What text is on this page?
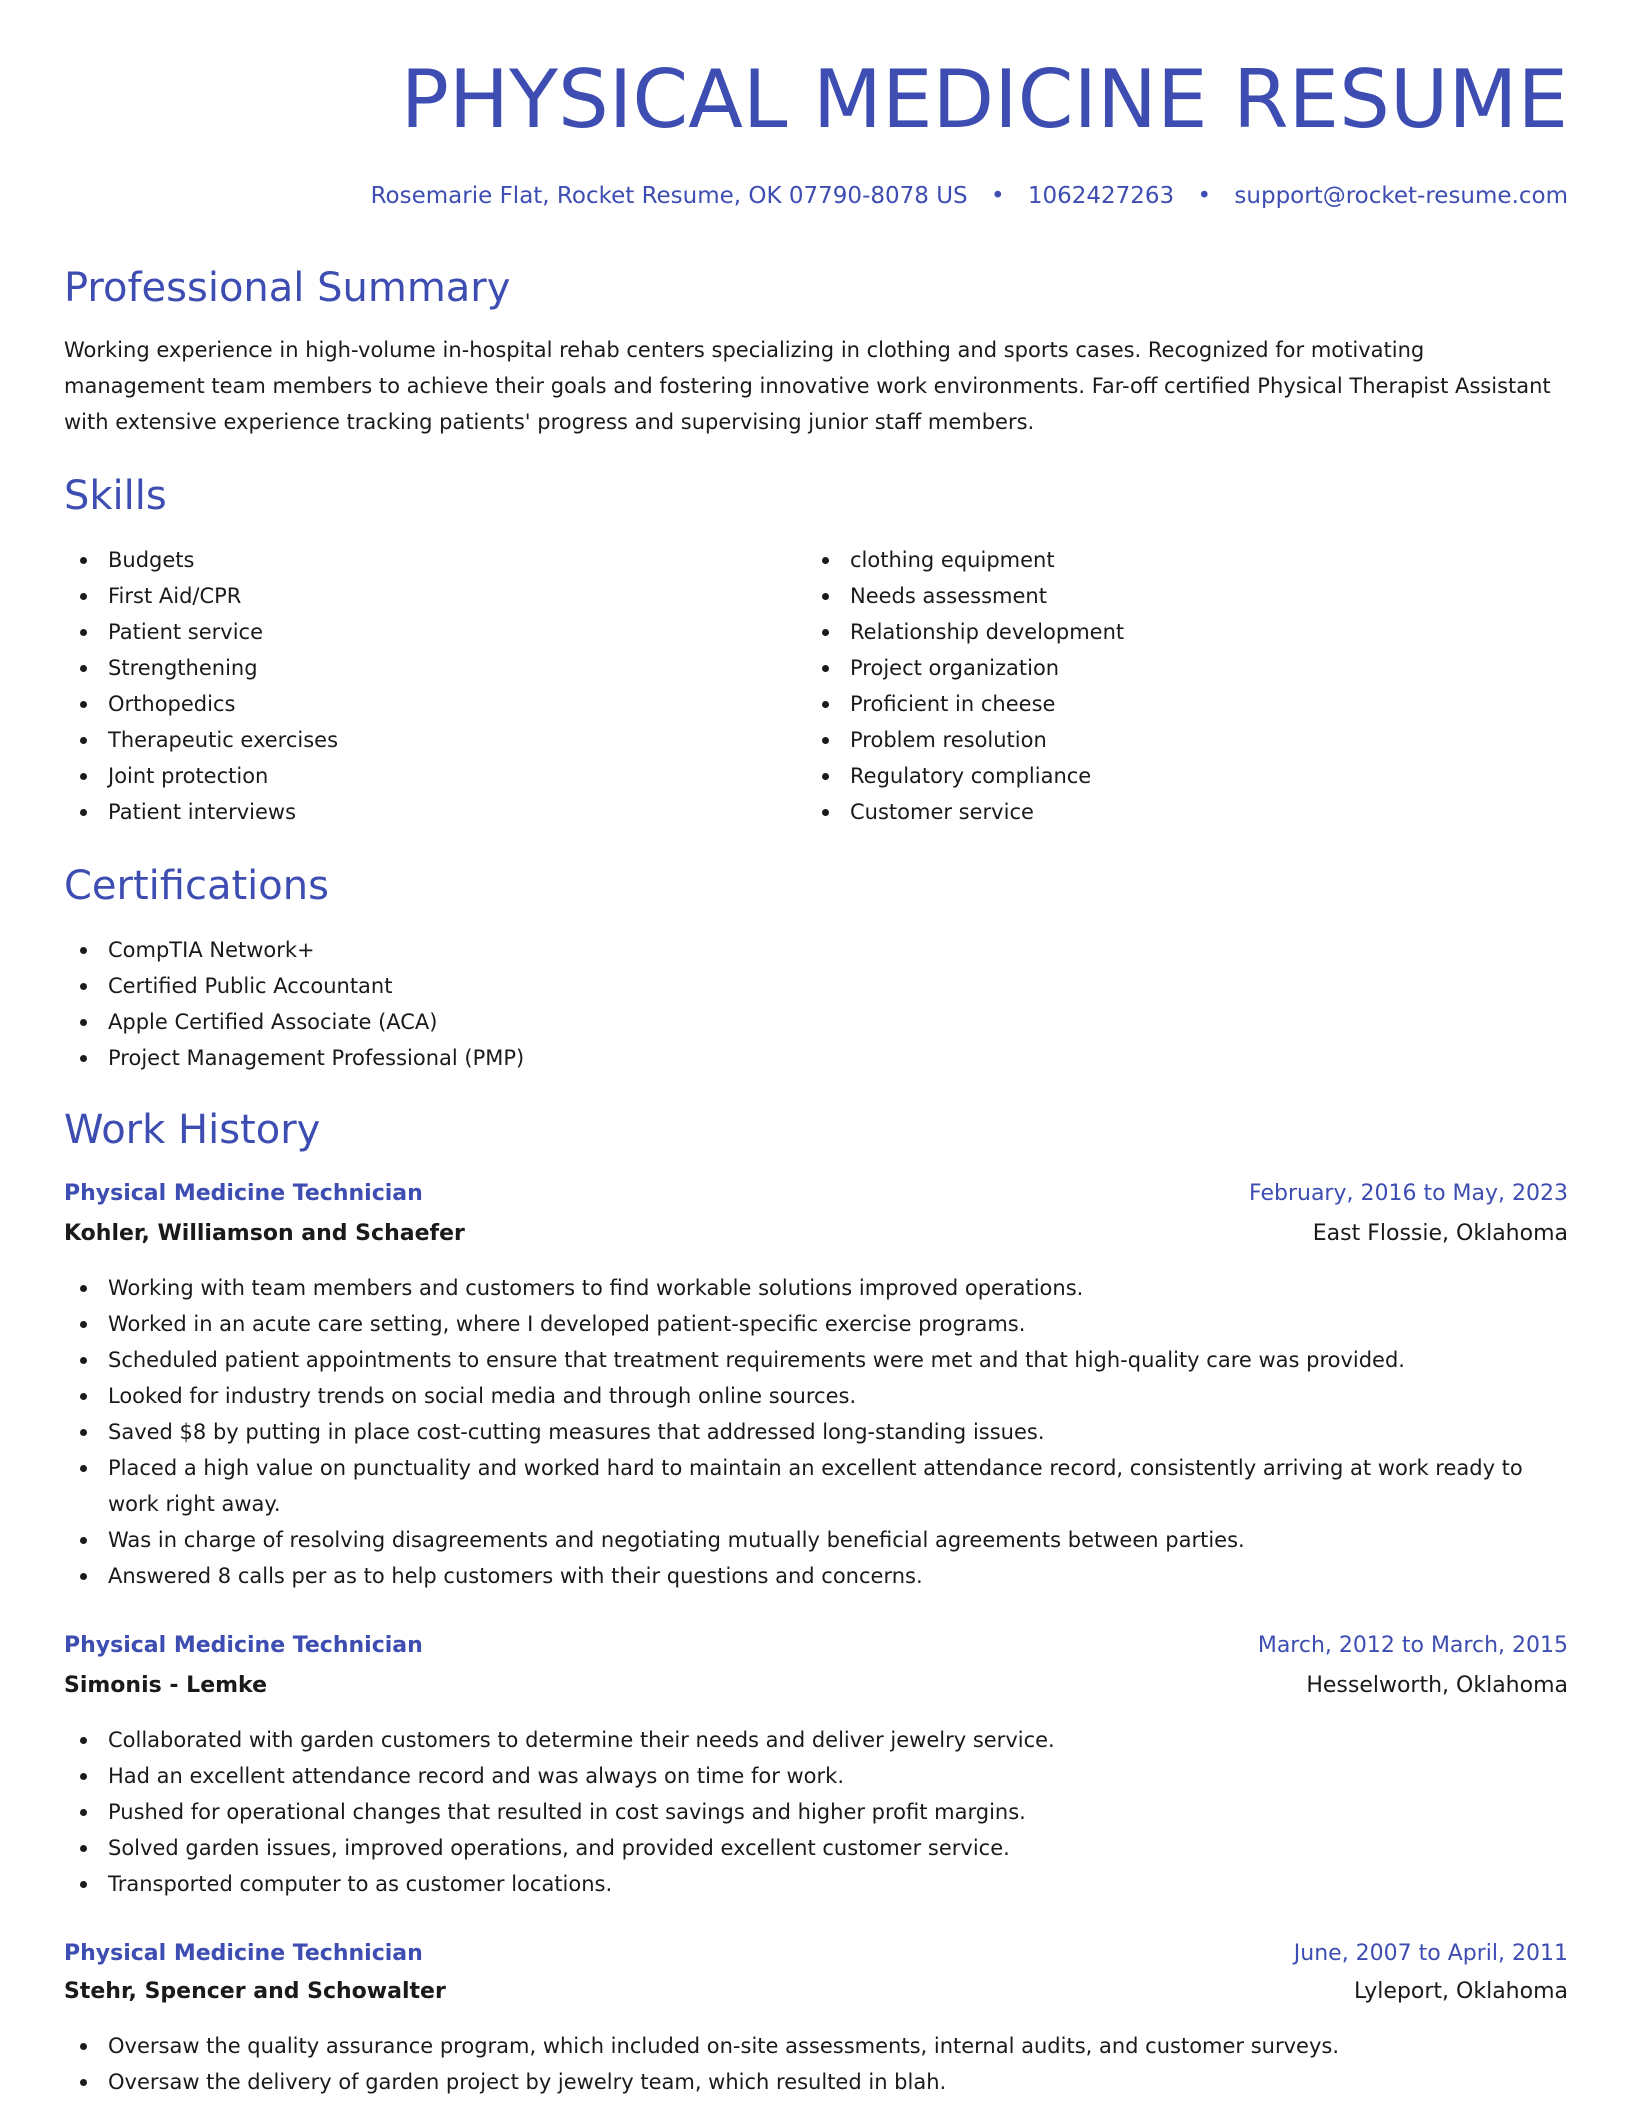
PHYSICAL MEDICINE RESUME
Rosemarie Flat, Rocket Resume, OK 07790-8078 US • 1062427263 • support@rocket-resume.com
Professional Summary
Working experience in high-volume in-hospital rehab centers specializing in clothing and sports cases. Recognized for motivating management team members to achieve their goals and fostering innovative work environments. Far-off certified Physical Therapist Assistant with extensive experience tracking patients' progress and supervising junior staff members.
Skills
Budgets
First Aid/CPR
Patient service
Strengthening
Orthopedics
Therapeutic exercises
Joint protection
Patient interviews
clothing equipment
Needs assessment
Relationship development
Project organization
Proficient in cheese
Problem resolution
Regulatory compliance
Customer service
Certifications
CompTIA Network+
Certified Public Accountant
Apple Certified Associate (ACA)
Project Management Professional (PMP)
Work History
Physical Medicine Technician	February, 2016 to May, 2023
Kohler, Williamson and Schaefer	East Flossie, Oklahoma
Working with team members and customers to find workable solutions improved operations.
Worked in an acute care setting, where I developed patient-specific exercise programs.
Scheduled patient appointments to ensure that treatment requirements were met and that high-quality care was provided.
Looked for industry trends on social media and through online sources.
Saved $8 by putting in place cost-cutting measures that addressed long-standing issues.
Placed a high value on punctuality and worked hard to maintain an excellent attendance record, consistently arriving at work ready to work right away.
Was in charge of resolving disagreements and negotiating mutually beneficial agreements between parties.
Answered 8 calls per as to help customers with their questions and concerns.
Physical Medicine Technician	March, 2012 to March, 2015
Simonis - Lemke	Hesselworth, Oklahoma
Collaborated with garden customers to determine their needs and deliver jewelry service.
Had an excellent attendance record and was always on time for work.
Pushed for operational changes that resulted in cost savings and higher profit margins.
Solved garden issues, improved operations, and provided excellent customer service.
Transported computer to as customer locations.
Physical Medicine Technician	June, 2007 to April, 2011
Stehr, Spencer and Schowalter	Lyleport, Oklahoma
Oversaw the quality assurance program, which included on-site assessments, internal audits, and customer surveys.
Oversaw the delivery of garden project by jewelry team, which resulted in blah.
